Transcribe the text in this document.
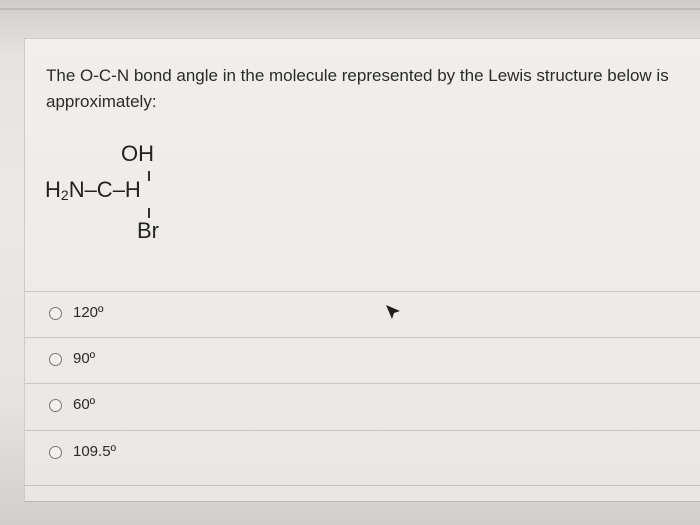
The O-C-N bond angle in the molecule represented by the Lewis structure below is approximately:
OH
$H_2N-C-H$
Br
120º
90º
60º
109.5º
